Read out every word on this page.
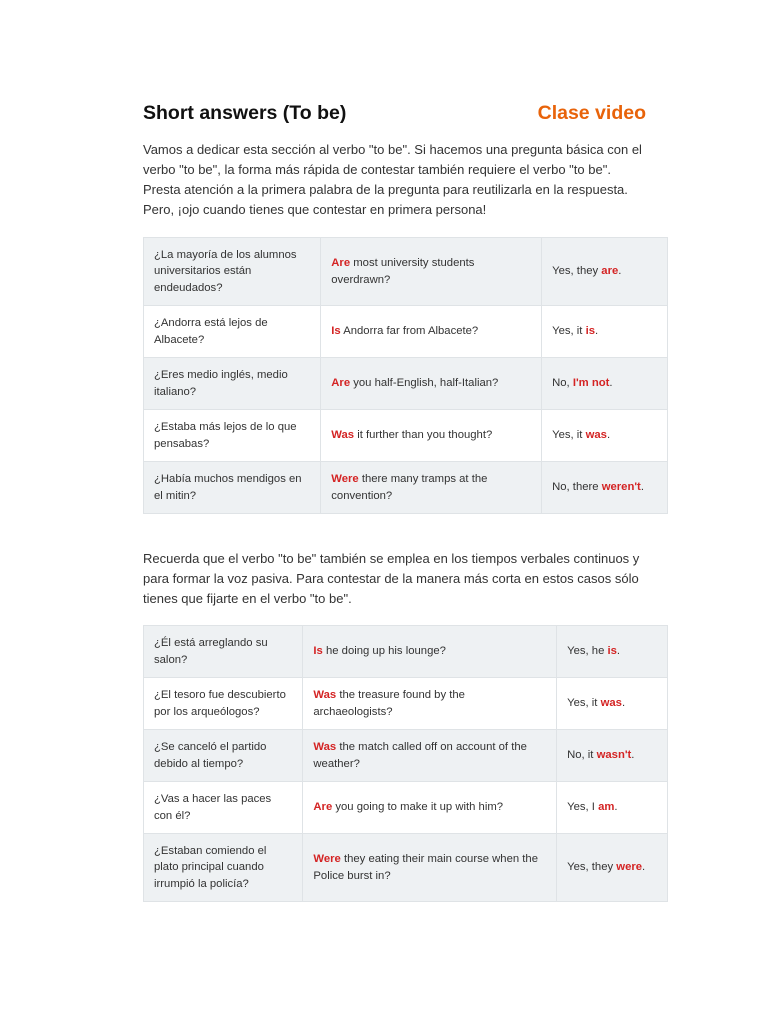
Short answers (To be)	Clase video

Vamos a dedicar esta sección al verbo "to be". Si hacemos una pregunta básica con el verbo "to be", la forma más rápida de contestar también requiere el verbo "to be". Presta atención a la primera palabra de la pregunta para reutilizarla en la respuesta. Pero, ¡ojo cuando tienes que contestar en primera persona!

¿La mayoría de los alumnos universitarios están endeudados?	Are most university students overdrawn?	Yes, they are.
¿Andorra está lejos de Albacete?	Is Andorra far from Albacete?	Yes, it is.
¿Eres medio inglés, medio italiano?	Are you half-English, half-Italian?	No, I'm not.
¿Estaba más lejos de lo que pensabas?	Was it further than you thought?	Yes, it was.
¿Había muchos mendigos en el mitin?	Were there many tramps at the convention?	No, there weren't.

Recuerda que el verbo "to be" también se emplea en los tiempos verbales continuos y para formar la voz pasiva. Para contestar de la manera más corta en estos casos sólo tienes que fijarte en el verbo "to be".

¿Él está arreglando su salon?	Is he doing up his lounge?	Yes, he is.
¿El tesoro fue descubierto por los arqueólogos?	Was the treasure found by the archaeologists?	Yes, it was.
¿Se canceló el partido debido al tiempo?	Was the match called off on account of the weather?	No, it wasn't.
¿Vas a hacer las paces con él?	Are you going to make it up with him?	Yes, I am.
¿Estaban comiendo el plato principal cuando irrumpió la policía?	Were they eating their main course when the Police burst in?	Yes, they were.
